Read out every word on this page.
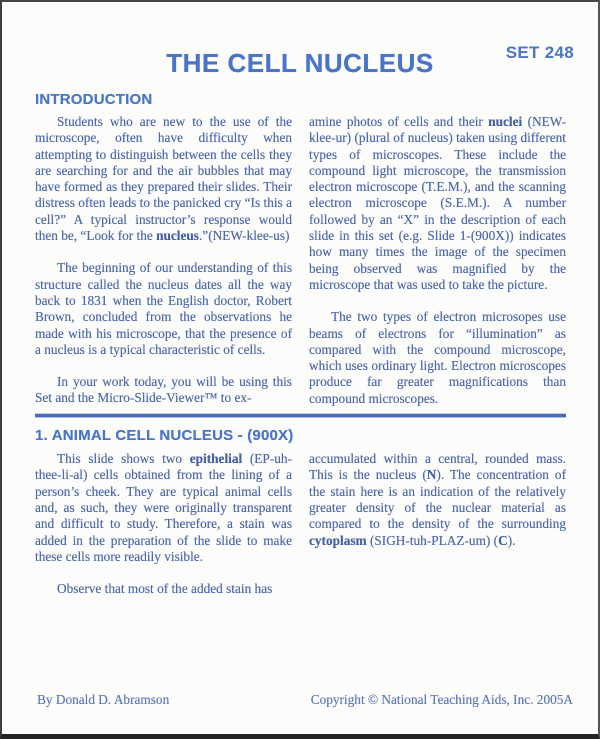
SET 248
THE CELL NUCLEUS
INTRODUCTION

Students who are new to the use of the microscope, often have difficulty when attempting to distinguish between the cells they are searching for and the air bubbles that may have formed as they prepared their slides. Their distress often leads to the panicked cry “Is this a cell?” A typical instructor’s response would then be, “Look for the nucleus.”(NEW-klee-us)

The beginning of our understanding of this structure called the nucleus dates all the way back to 1831 when the English doctor, Robert Brown, concluded from the observations he made with his microscope, that the presence of a nucleus is a typical characteristic of cells.

In your work today, you will be using this Set and the Micro-Slide-Viewer™ to ex-

amine photos of cells and their nuclei (NEW-klee-ur) (plural of nucleus) taken using different types of microscopes. These include the compound light microscope, the transmission electron microscope (T.E.M.), and the scanning electron microscope (S.E.M.). A number followed by an “X” in the description of each slide in this set (e.g. Slide 1-(900X)) indicates how many times the image of the specimen being observed was magnified by the microscope that was used to take the picture.

The two types of electron microsopes use beams of electrons for “illumination” as compared with the compound microscope, which uses ordinary light. Electron microscopes produce far greater magnifications than compound microscopes.

1. ANIMAL CELL NUCLEUS - (900X)

This slide shows two epithelial (EP-uh-thee-li-al) cells obtained from the lining of a person’s cheek. They are typical animal cells and, as such, they were originally transparent and difficult to study. Therefore, a stain was added in the preparation of the slide to make these cells more readily visible.

Observe that most of the added stain has

accumulated within a central, rounded mass. This is the nucleus (N). The concentration of the stain here is an indication of the relatively greater density of the nuclear material as compared to the density of the surrounding cytoplasm (SIGH-tuh-PLAZ-um) (C).

By Donald D. Abramson	Copyright © National Teaching Aids, Inc. 2005A
